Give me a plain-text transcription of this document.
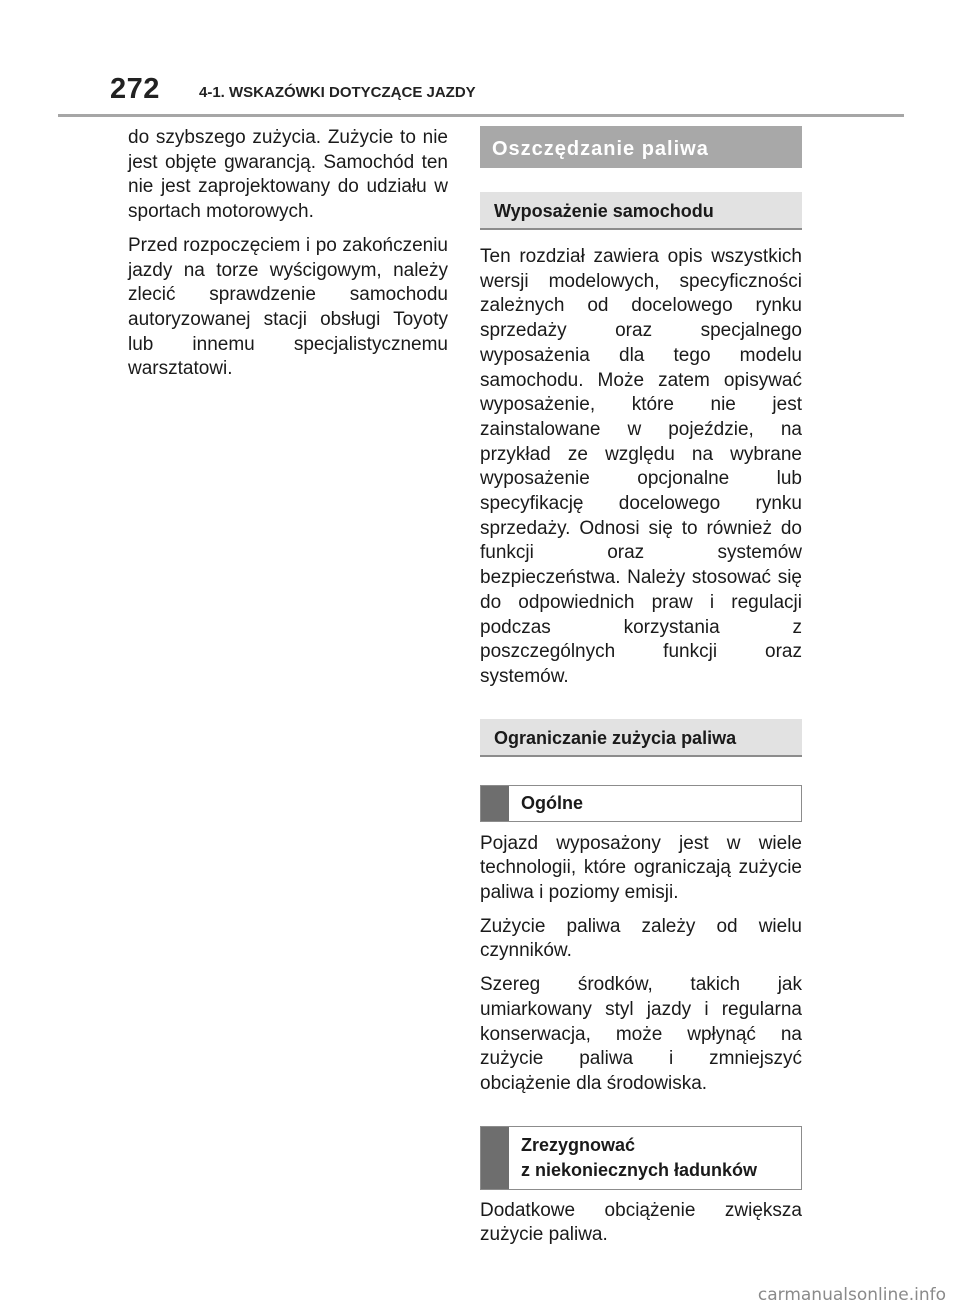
272	4-1. WSKAZÓWKI DOTYCZĄCE JAZDY

do szybszego zużycia. Zużycie to nie jest objęte gwarancją. Samochód ten nie jest zaprojektowany do udziału w sportach motorowych.

Przed rozpoczęciem i po zakończeniu jazdy na torze wyścigowym, należy zlecić sprawdzenie samochodu autoryzowanej stacji obsługi Toyoty lub innemu specjalistycznemu warsztatowi.

Oszczędzanie paliwa
Wyposażenie samochodu

Ten rozdział zawiera opis wszystkich wersji modelowych, specyficzności zależnych od docelowego rynku sprzedaży oraz specjalnego wyposażenia dla tego modelu samochodu. Może zatem opisywać wyposażenie, które nie jest zainstalowane w pojeździe, na przykład ze względu na wybrane wyposażenie opcjonalne lub specyfikację docelowego rynku sprzedaży. Odnosi się to również do funkcji oraz systemów bezpieczeństwa. Należy stosować się do odpowiednich praw i regulacji podczas korzystania z poszczególnych funkcji oraz systemów.

Ograniczanie zużycia paliwa
Ogólne

Pojazd wyposażony jest w wiele technologii, które ograniczają zużycie paliwa i poziomy emisji.

Zużycie paliwa zależy od wielu czynników.

Szereg środków, takich jak umiarkowany styl jazdy i regularna konserwacja, może wpłynąć na zużycie paliwa i zmniejszyć obciążenie dla środowiska.

Zrezygnować
z niekoniecznych ładunków

Dodatkowe obciążenie zwiększa zużycie paliwa.

carmanualsonline.info
